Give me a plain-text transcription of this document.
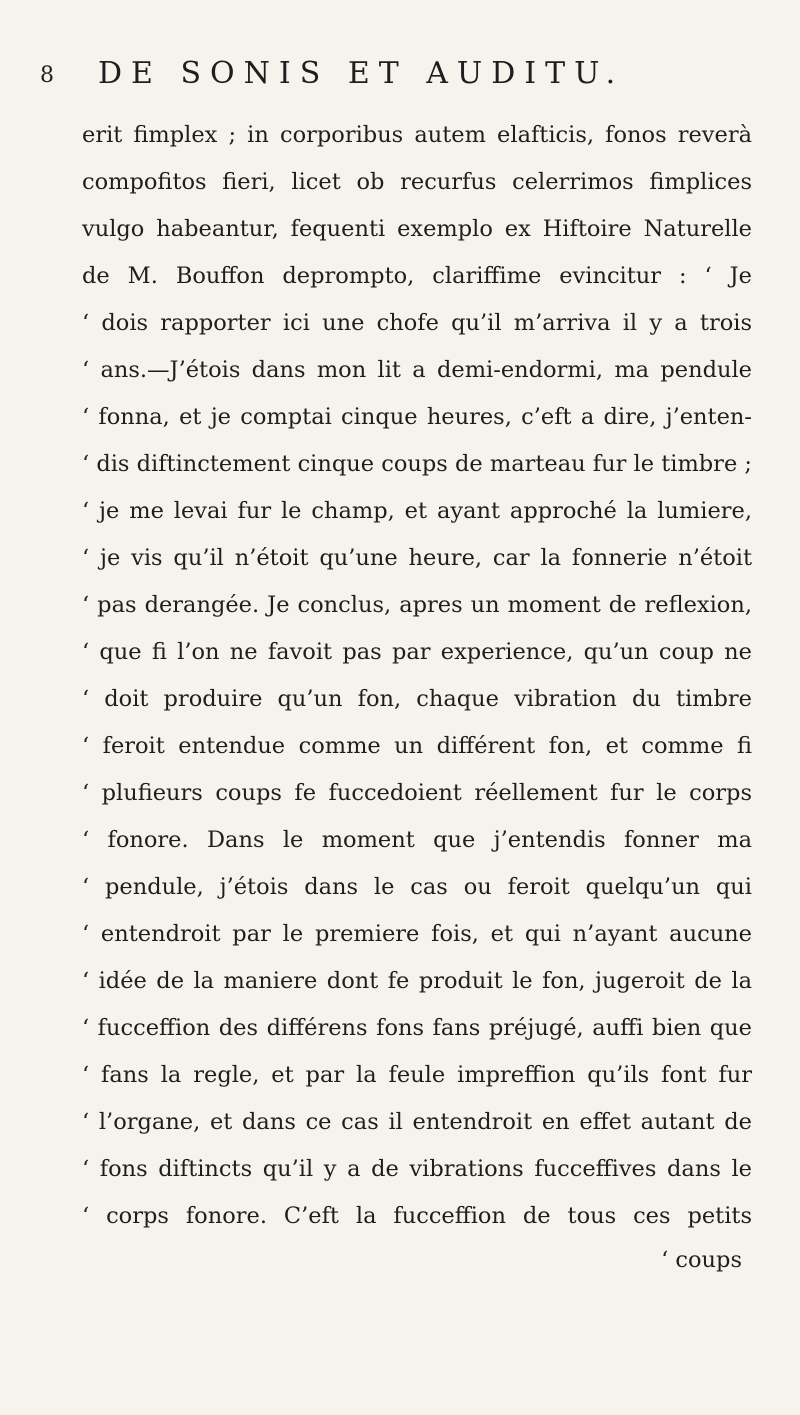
8 DE SONIS ET AUDITU.
erit fimplex ; in corporibus autem elafticis, fonos reverà
compofitos fieri, licet ob recurfus celerrimos fimplices
vulgo habeantur, fequenti exemplo ex Hiftoire Naturelle
de M. Bouffon deprompto, clariffime evincitur : ‘ Je
‘ dois rapporter ici une chofe qu’il m’arriva il y a trois
‘ ans.—J’étois dans mon lit a demi-endormi, ma pendule
‘ fonna, et je comptai cinque heures, c’eft a dire, j’enten-
‘ dis diftinctement cinque coups de marteau fur le timbre ;
‘ je me levai fur le champ, et ayant approché la lumiere,
‘ je vis qu’il n’étoit qu’une heure, car la fonnerie n’étoit
‘ pas derangée. Je conclus, apres un moment de reflexion,
‘ que fi l’on ne favoit pas par experience, qu’un coup ne
‘ doit produire qu’un fon, chaque vibration du timbre
‘ feroit entendue comme un différent fon, et comme fi
‘ plufieurs coups fe fuccedoient réellement fur le corps
‘ fonore. Dans le moment que j’entendis fonner ma
‘ pendule, j’étois dans le cas ou feroit quelqu’un qui
‘ entendroit par le premiere fois, et qui n’ayant aucune
‘ idée de la maniere dont fe produit le fon, jugeroit de la
‘ fucceffion des différens fons fans préjugé, auffi bien que
‘ fans la regle, et par la feule impreffion qu’ils font fur
‘ l’organe, et dans ce cas il entendroit en effet autant de
‘ fons diftincts qu’il y a de vibrations fucceffives dans le
‘ corps fonore. C’eft la fucceffion de tous ces petits
‘ coups
